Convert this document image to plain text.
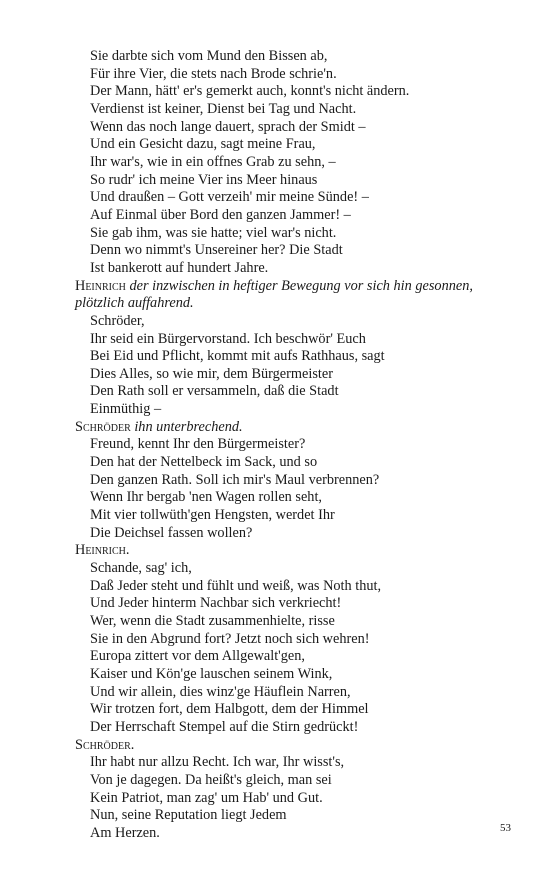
Sie darbte sich vom Mund den Bissen ab,
Für ihre Vier, die stets nach Brode schrie'n.
Der Mann, hätt' er's gemerkt auch, konnt's nicht ändern.
Verdienst ist keiner, Dienst bei Tag und Nacht.
Wenn das noch lange dauert, sprach der Smidt –
Und ein Gesicht dazu, sagt meine Frau,
Ihr war's, wie in ein offnes Grab zu sehn, –
So rudr' ich meine Vier ins Meer hinaus
Und draußen – Gott verzeih' mir meine Sünde! –
Auf Einmal über Bord den ganzen Jammer! –
Sie gab ihm, was sie hatte; viel war's nicht.
Denn wo nimmt's Unsereiner her? Die Stadt
Ist bankerott auf hundert Jahre.
Heinrich der inzwischen in heftiger Bewegung vor sich hin gesonnen,
plötzlich auffahrend.
Schröder,
Ihr seid ein Bürgervorstand. Ich beschwör' Euch
Bei Eid und Pflicht, kommt mit aufs Rathhaus, sagt
Dies Alles, so wie mir, dem Bürgermeister
Den Rath soll er versammeln, daß die Stadt
Einmüthig –
Schröder ihn unterbrechend.
Freund, kennt Ihr den Bürgermeister?
Den hat der Nettelbeck im Sack, und so
Den ganzen Rath. Soll ich mir's Maul verbrennen?
Wenn Ihr bergab 'nen Wagen rollen seht,
Mit vier tollwüth'gen Hengsten, werdet Ihr
Die Deichsel fassen wollen?
Heinrich.
Schande, sag' ich,
Daß Jeder steht und fühlt und weiß, was Noth thut,
Und Jeder hinterm Nachbar sich verkriecht!
Wer, wenn die Stadt zusammenhielte, risse
Sie in den Abgrund fort? Jetzt noch sich wehren!
Europa zittert vor dem Allgewalt'gen,
Kaiser und Kön'ge lauschen seinem Wink,
Und wir allein, dies winz'ge Häuflein Narren,
Wir trotzen fort, dem Halbgott, dem der Himmel
Der Herrschaft Stempel auf die Stirn gedrückt!
Schröder.
Ihr habt nur allzu Recht. Ich war, Ihr wisst's,
Von je dagegen. Da heißt's gleich, man sei
Kein Patriot, man zag' um Hab' und Gut.
Nun, seine Reputation liegt Jedem
Am Herzen.	53
